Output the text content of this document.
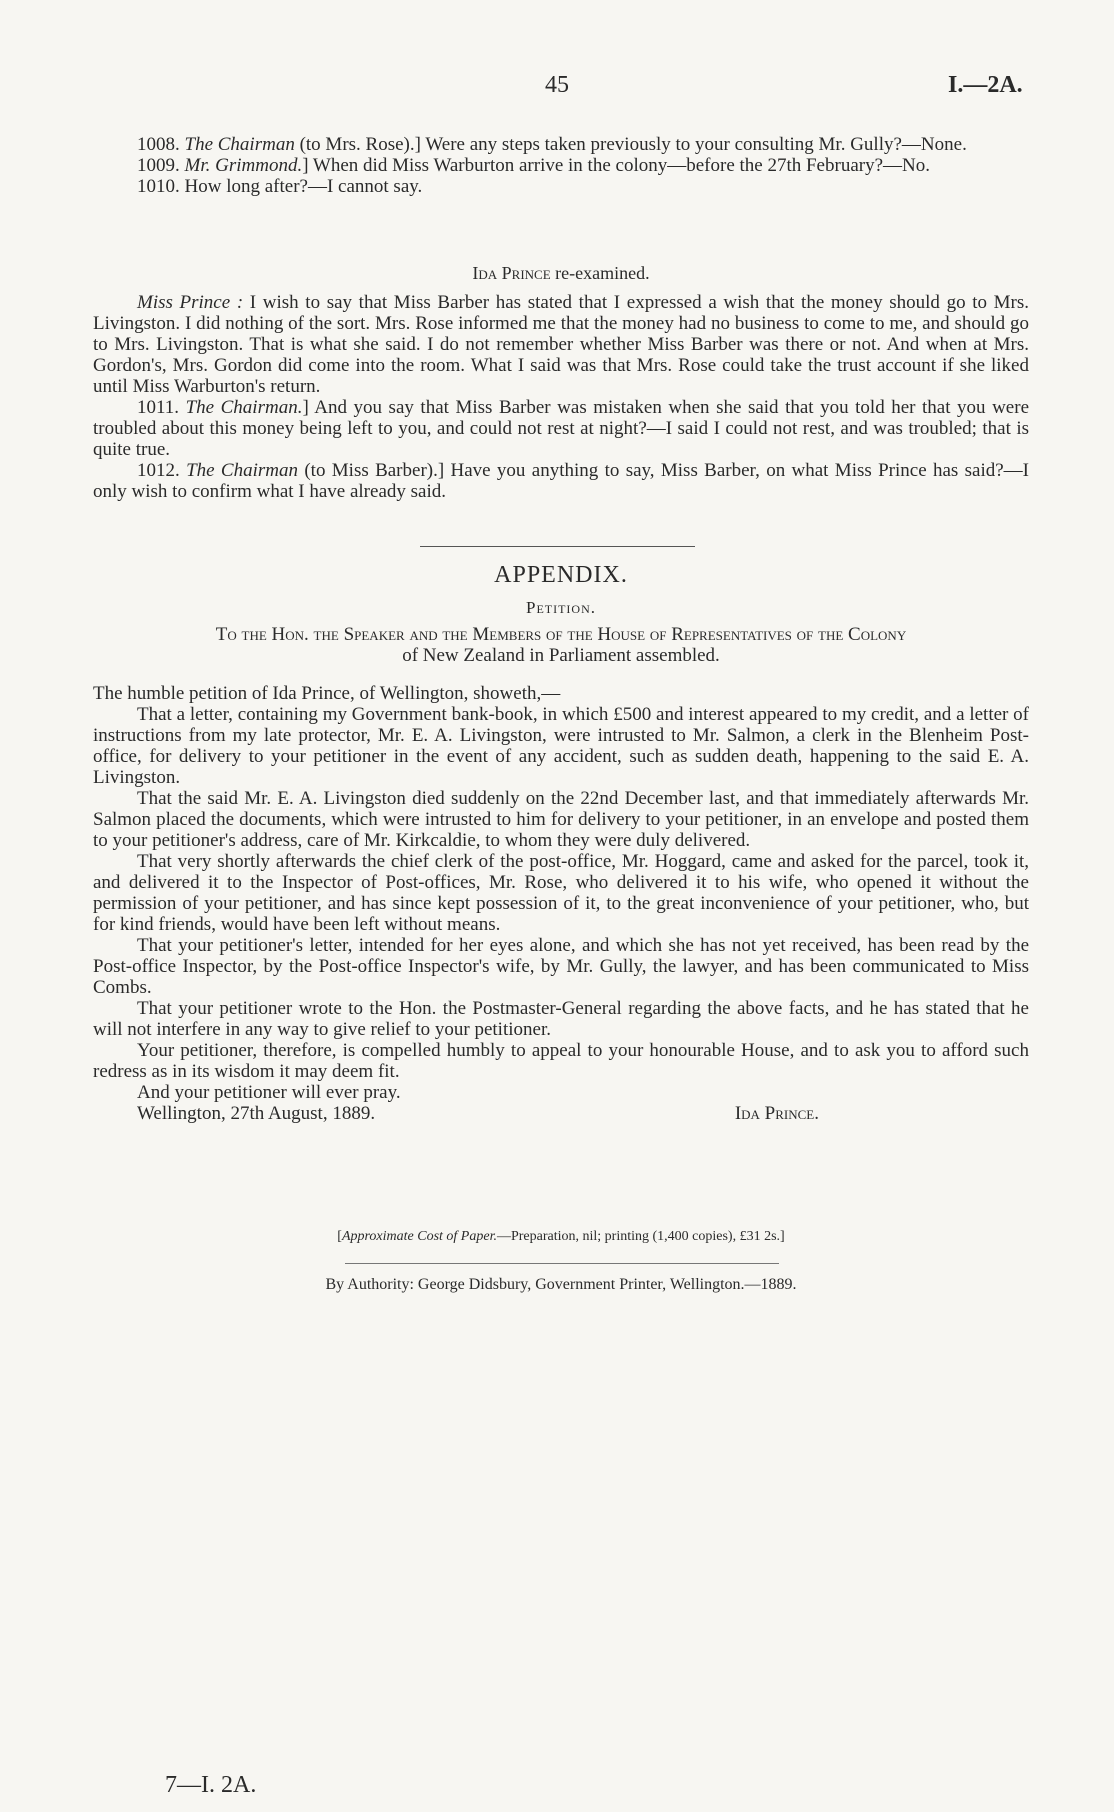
45	I.—2A.

1008. The Chairman (to Mrs. Rose).] Were any steps taken previously to your consulting Mr. Gully?—None.

1009. Mr. Grimmond.] When did Miss Warburton arrive in the colony—before the 27th February?—No.

1010. How long after?—I cannot say.

Ida Prince re-examined.

Miss Prince : I wish to say that Miss Barber has stated that I expressed a wish that the money should go to Mrs. Livingston. I did nothing of the sort. Mrs. Rose informed me that the money had no business to come to me, and should go to Mrs. Livingston. That is what she said. I do not remember whether Miss Barber was there or not. And when at Mrs. Gordon's, Mrs. Gordon did come into the room. What I said was that Mrs. Rose could take the trust account if she liked until Miss Warburton's return.

1011. The Chairman.] And you say that Miss Barber was mistaken when she said that you told her that you were troubled about this money being left to you, and could not rest at night?—I said I could not rest, and was troubled; that is quite true.

1012. The Chairman (to Miss Barber).] Have you anything to say, Miss Barber, on what Miss Prince has said?—I only wish to confirm what I have already said.

APPENDIX.
Petition.
To the Hon. the Speaker and the Members of the House of Representatives of the Colony
of New Zealand in Parliament assembled.

The humble petition of Ida Prince, of Wellington, showeth,—

That a letter, containing my Government bank-book, in which £500 and interest appeared to my credit, and a letter of instructions from my late protector, Mr. E. A. Livingston, were intrusted to Mr. Salmon, a clerk in the Blenheim Post-office, for delivery to your petitioner in the event of any accident, such as sudden death, happening to the said E. A. Livingston.

That the said Mr. E. A. Livingston died suddenly on the 22nd December last, and that immediately afterwards Mr. Salmon placed the documents, which were intrusted to him for delivery to your petitioner, in an envelope and posted them to your petitioner's address, care of Mr. Kirkcaldie, to whom they were duly delivered.

That very shortly afterwards the chief clerk of the post-office, Mr. Hoggard, came and asked for the parcel, took it, and delivered it to the Inspector of Post-offices, Mr. Rose, who delivered it to his wife, who opened it without the permission of your petitioner, and has since kept possession of it, to the great inconvenience of your petitioner, who, but for kind friends, would have been left without means.

That your petitioner's letter, intended for her eyes alone, and which she has not yet received, has been read by the Post-office Inspector, by the Post-office Inspector's wife, by Mr. Gully, the lawyer, and has been communicated to Miss Combs.

That your petitioner wrote to the Hon. the Postmaster-General regarding the above facts, and he has stated that he will not interfere in any way to give relief to your petitioner.

Your petitioner, therefore, is compelled humbly to appeal to your honourable House, and to ask you to afford such redress as in its wisdom it may deem fit.

And your petitioner will ever pray.

Wellington, 27th August, 1889.	Ida Prince.
[Approximate Cost of Paper.—Preparation, nil; printing (1,400 copies), £31 2s.]
By Authority: George Didsbury, Government Printer, Wellington.—1889.
7—I. 2A.
